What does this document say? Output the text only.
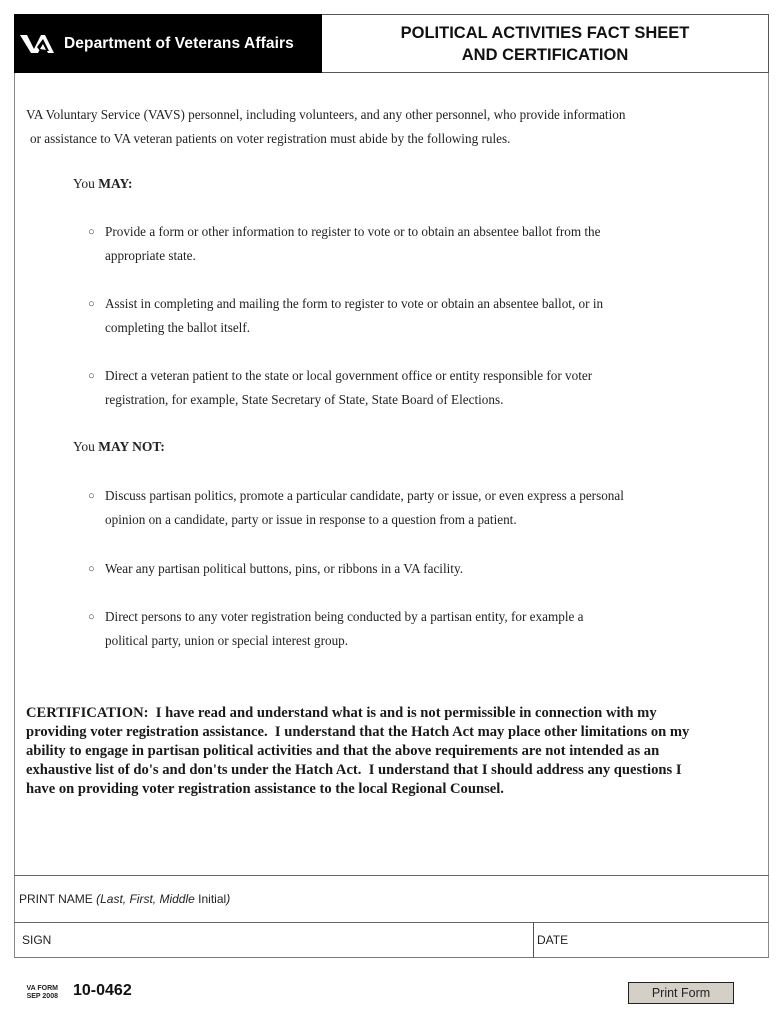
Department of Veterans Affairs
POLITICAL ACTIVITIES FACT SHEET
AND CERTIFICATION
VA Voluntary Service (VAVS) personnel, including volunteers, and any other personnel, who provide information
or assistance to VA veteran patients on voter registration must abide by the following rules.
You MAY:
○ Provide a form or other information to register to vote or to obtain an absentee ballot from the
appropriate state.
○ Assist in completing and mailing the form to register to vote or obtain an absentee ballot, or in
completing the ballot itself.
○ Direct a veteran patient to the state or local government office or entity responsible for voter
registration, for example, State Secretary of State, State Board of Elections.
You MAY NOT:
○ Discuss partisan politics, promote a particular candidate, party or issue, or even express a personal
opinion on a candidate, party or issue in response to a question from a patient.
○ Wear any partisan political buttons, pins, or ribbons in a VA facility.
○ Direct persons to any voter registration being conducted by a partisan entity, for example a
political party, union or special interest group.
CERTIFICATION:  I have read and understand what is and is not permissible in connection with my
providing voter registration assistance.  I understand that the Hatch Act may place other limitations on my
ability to engage in partisan political activities and that the above requirements are not intended as an
exhaustive list of do's and don'ts under the Hatch Act.  I understand that I should address any questions I
have on providing voter registration assistance to the local Regional Counsel.
PRINT NAME (Last, First, Middle Initial)
SIGN	DATE
VA FORM
SEP 2008 10-0462	Print Form
